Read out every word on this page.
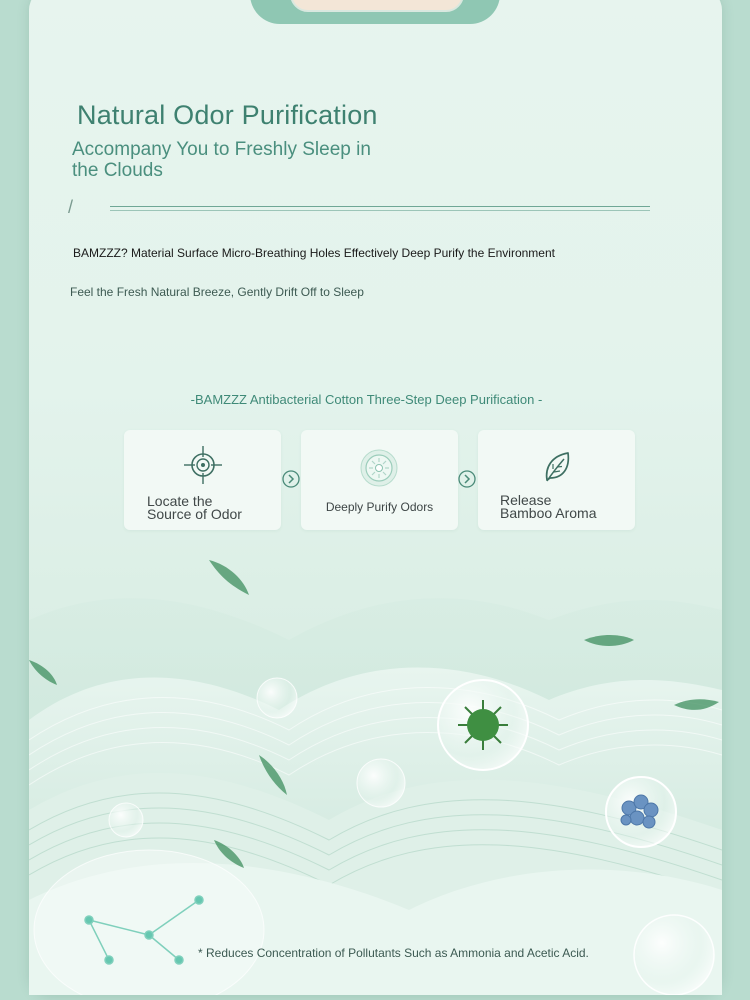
Natural Odor Purification

Accompany You to Freshly Sleep in the Clouds

/
BAMZZZ? Material Surface Micro-Breathing Holes Effectively Deep Purify the Environment
Feel the Fresh Natural Breeze, Gently Drift Off to Sleep
-BAMZZZ Antibacterial Cotton Three-Step Deep Purification -
Locate the
Source of Odor	Deeply Purify Odors	Release
Bamboo Aroma
* Reduces Concentration of Pollutants Such as Ammonia and Acetic Acid.
